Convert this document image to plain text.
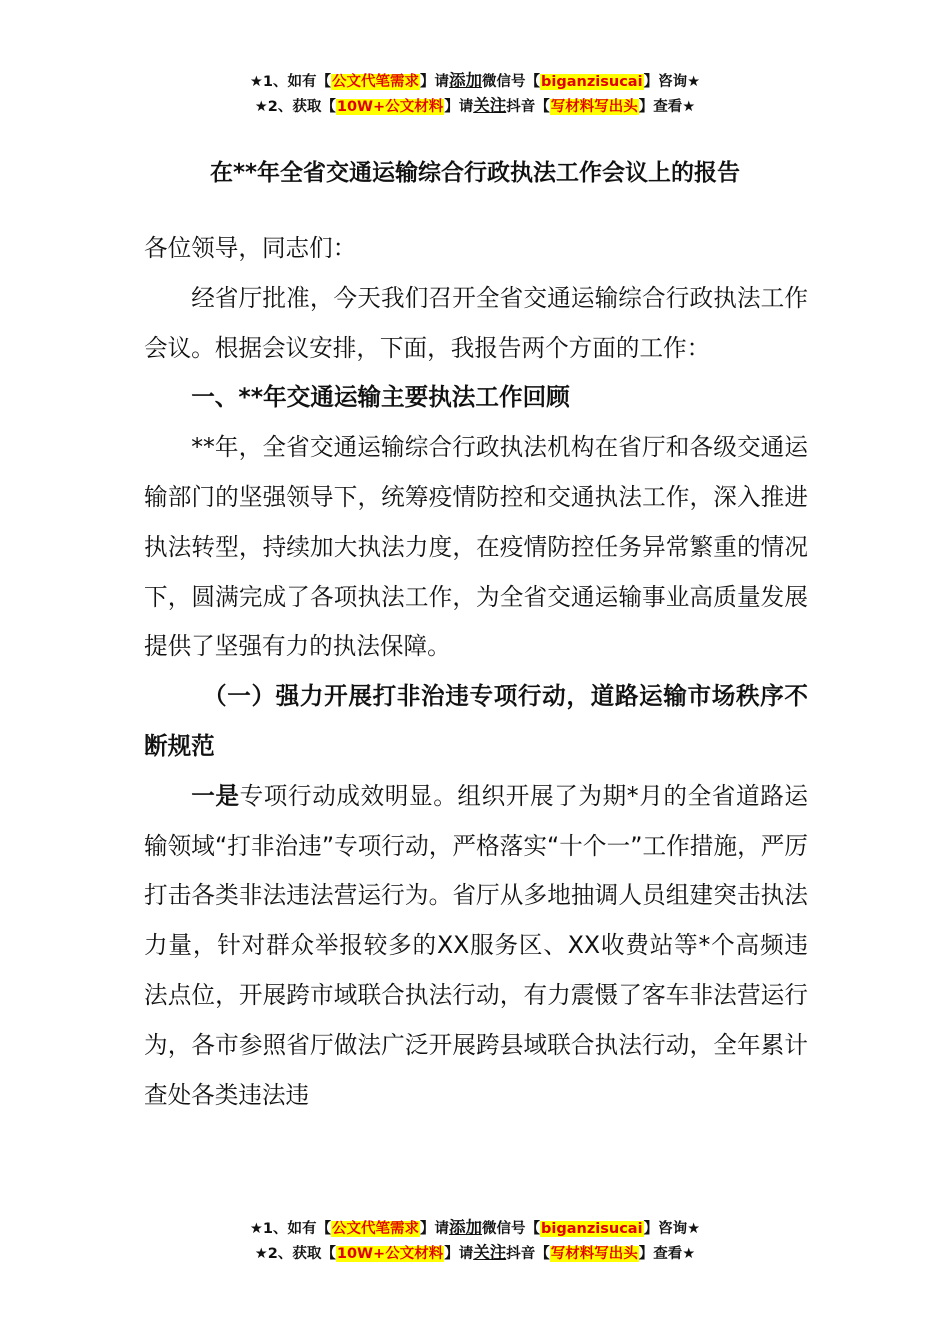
★1、如有【公文代笔需求】请添加微信号【biganzisucai】咨询★
★2、获取【10W+公文材料】请关注抖音【写材料写出头】查看★
在**年全省交通运输综合行政执法工作会议上的报告

各位领导，同志们：

经省厅批准，今天我们召开全省交通运输综合行政执法工作会议。根据会议安排，下面，我报告两个方面的工作：

一、**年交通运输主要执法工作回顾

**年，全省交通运输综合行政执法机构在省厅和各级交通运输部门的坚强领导下，统筹疫情防控和交通执法工作，深入推进执法转型，持续加大执法力度，在疫情防控任务异常繁重的情况下，圆满完成了各项执法工作，为全省交通运输事业高质量发展提供了坚强有力的执法保障。

（一）强力开展打非治违专项行动，道路运输市场秩序不断规范

一是专项行动成效明显。组织开展了为期*月的全省道路运输领域“打非治违”专项行动，严格落实“十个一”工作措施，严厉打击各类非法违法营运行为。省厅从多地抽调人员组建突击执法力量，针对群众举报较多的XX服务区、XX收费站等*个高频违法点位，开展跨市域联合执法行动，有力震慑了客车非法营运行为，各市参照省厅做法广泛开展跨县域联合执法行动，全年累计查处各类违法违

★1、如有【公文代笔需求】请添加微信号【biganzisucai】咨询★
★2、获取【10W+公文材料】请关注抖音【写材料写出头】查看★
